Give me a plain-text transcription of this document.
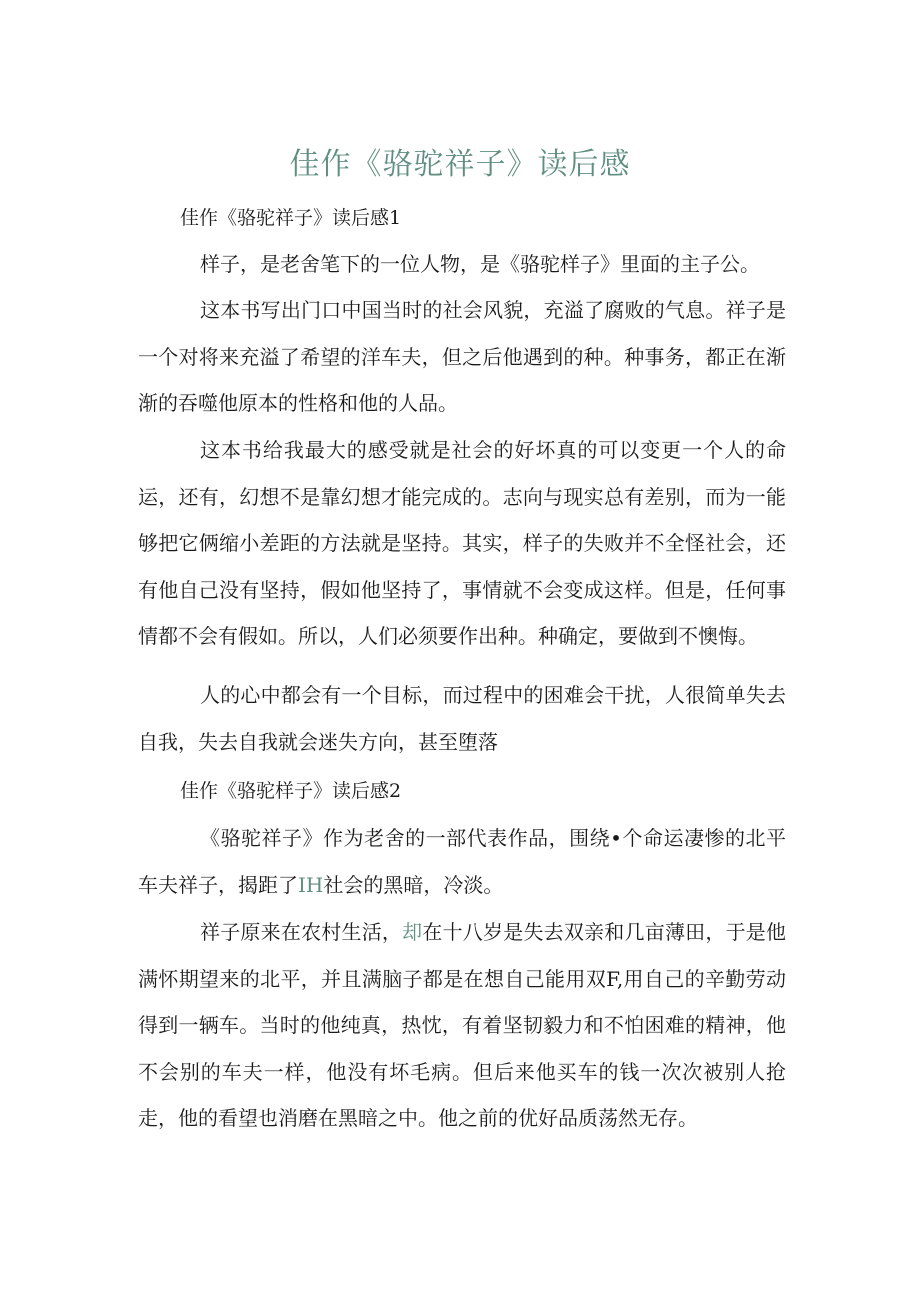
佳作《骆驼祥子》读后感
佳作《骆驼祥子》读后感1

样子，是老舍笔下的一位人物，是《骆驼样子》里面的主子公。

这本书写出门口中国当时的社会风貌，充溢了腐败的气息。祥子是一个对将来充溢了希望的洋车夫，但之后他遇到的种。种事务，都正在渐渐的吞噬他原本的性格和他的人品。

这本书给我最大的感受就是社会的好坏真的可以变更一个人的命运，还有，幻想不是靠幻想才能完成的。志向与现实总有差别，而为一能够把它俩缩小差距的方法就是坚持。其实，样子的失败并不全怪社会，还有他自己没有坚持，假如他坚持了，事情就不会变成这样。但是，任何事情都不会有假如。所以，人们必须要作出种。种确定，要做到不懊悔。

人的心中都会有一个目标，而过程中的困难会干扰，人很简单失去自我，失去自我就会迷失方向，甚至堕落

佳作《骆驼样子》读后感2

《骆驼祥子》作为老舍的一部代表作品，围绕•个命运凄惨的北平车夫祥子，揭距了IH社会的黑暗，冷淡。

祥子原来在农村生活，却在十八岁是失去双亲和几亩薄田，于是他满怀期望来的北平，并且满脑子都是在想自己能用双F,用自己的辛勤劳动得到一辆车。当时的他纯真，热忱，有着坚韧毅力和不怕困难的精神，他不会别的车夫一样，他没有坏毛病。但后来他买车的钱一次次被别人抢走，他的看望也消磨在黑暗之中。他之前的优好品质荡然无存。
